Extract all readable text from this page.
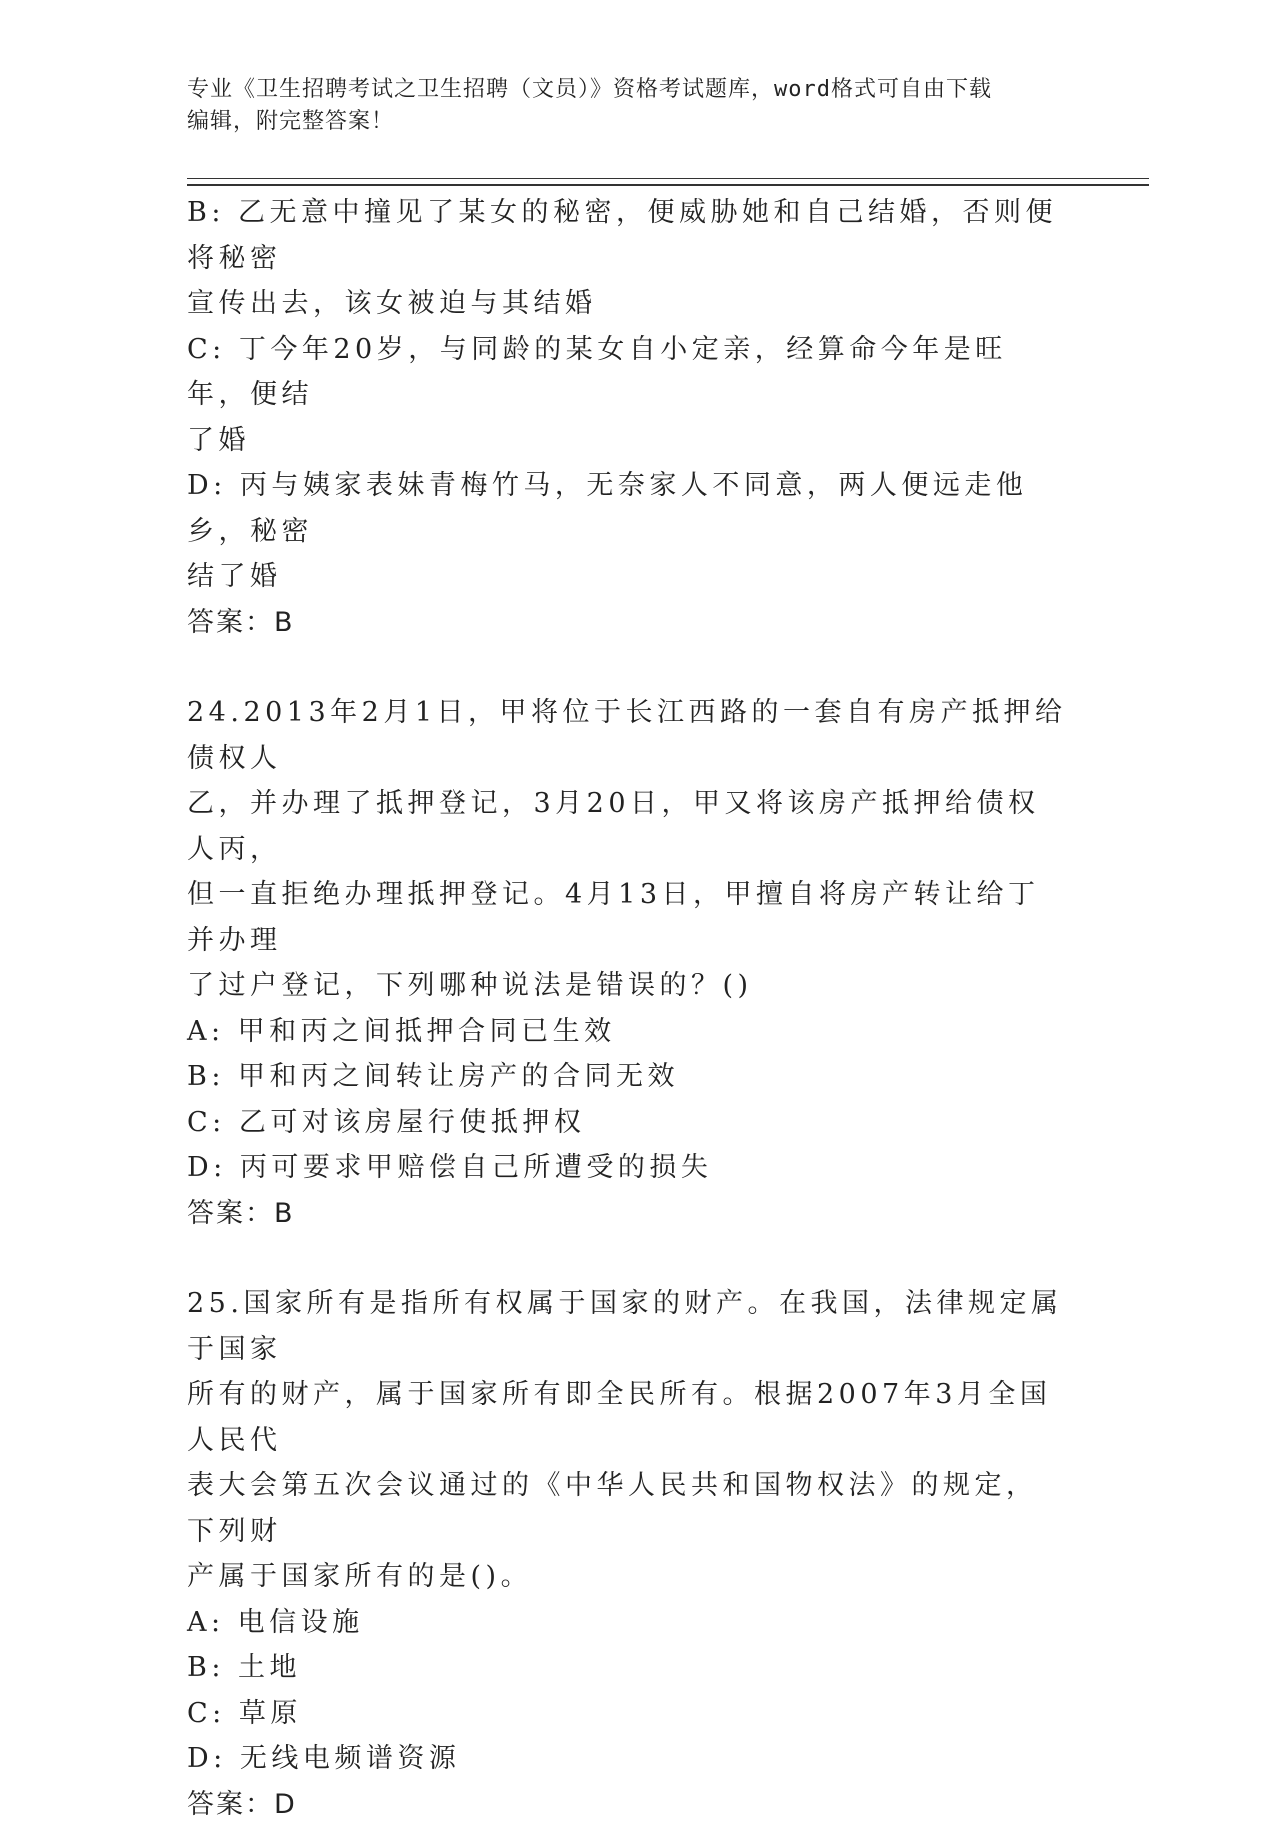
专业《卫生招聘考试之卫生招聘（文员）》资格考试题库，word格式可自由下载
编辑，附完整答案！
B: 乙无意中撞见了某女的秘密，便威胁她和自己结婚，否则便将秘密
宣传出去，该女被迫与其结婚
C: 丁今年20岁，与同龄的某女自小定亲，经算命今年是旺年，便结
了婚
D: 丙与姨家表妹青梅竹马，无奈家人不同意，两人便远走他乡，秘密
结了婚
答案：B
24.2013年2月1日，甲将位于长江西路的一套自有房产抵押给债权人
乙，并办理了抵押登记，3月20日，甲又将该房产抵押给债权人丙，
但一直拒绝办理抵押登记。4月13日，甲擅自将房产转让给丁并办理
了过户登记，下列哪种说法是错误的？()
A: 甲和丙之间抵押合同已生效
B: 甲和丙之间转让房产的合同无效
C: 乙可对该房屋行使抵押权
D: 丙可要求甲赔偿自己所遭受的损失
答案：B
25.国家所有是指所有权属于国家的财产。在我国，法律规定属于国家
所有的财产，属于国家所有即全民所有。根据2007年3月全国人民代
表大会第五次会议通过的《中华人民共和国物权法》的规定，下列财
产属于国家所有的是()。
A: 电信设施
B: 土地
C: 草原
D: 无线电频谱资源
答案：D
